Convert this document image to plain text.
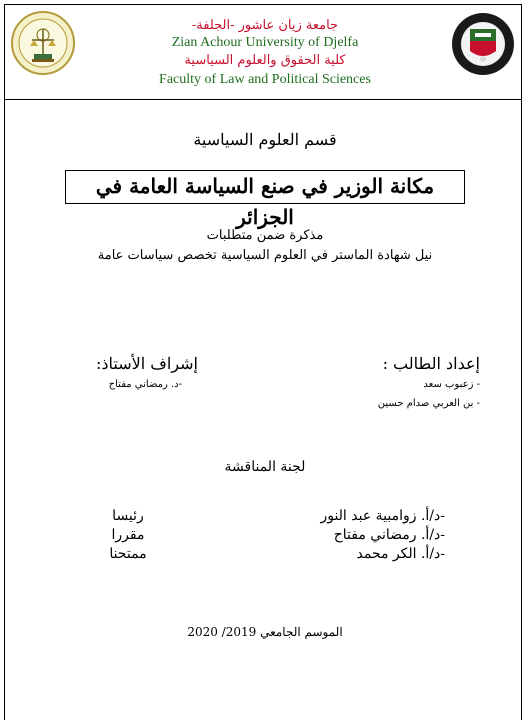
جامعة زيان عاشور -الجلفة-
Zian Achour University of Djelfa
كلية الحقوق والعلوم السياسية
Faculty of Law and Political Sciences
قسم العلوم السياسية
مكانة الوزير في صنع السياسة العامة في الجزائر
مذكرة ضمن متطلبات
نيل شهادة الماستر في العلوم السياسية تخصص سياسات عامة
إعداد الطالب :
- زعبوب سعد
- بن العربي صدام حسين
إشراف الأستاذ:
-د. رمضاني مفتاح
لجنة المناقشة
-د/أ. زوامبية عبد النور
رئيسا
-د/أ. رمضاني مفتاح
مقررا
-د/أ. الكر محمد
ممتحنا
الموسم الجامعي 2019/ 2020
